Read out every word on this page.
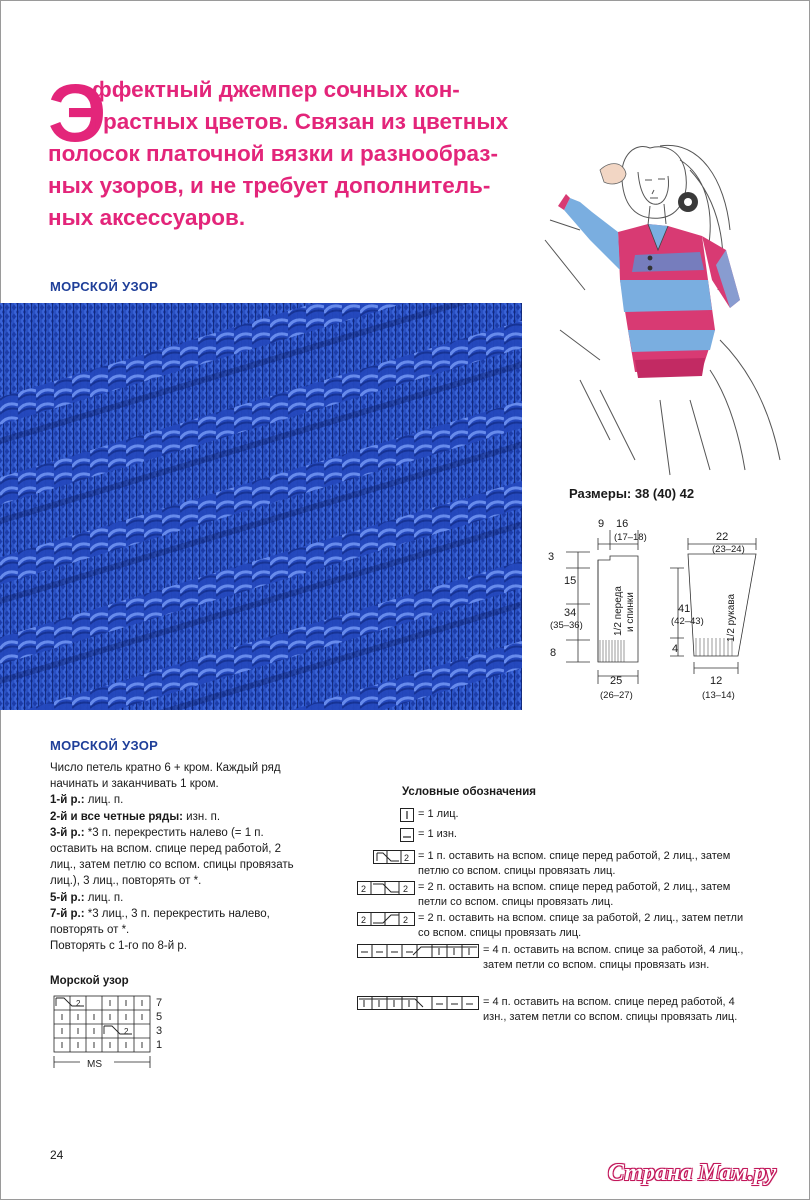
Э
ффектный джемпер сочных кон-
трастных цветов. Связан из цветных
полосок платочной вязки и разнообраз-
ных узоров, и не требует дополнитель-
ных аксессуаров.
МОРСКОЙ УЗОР
Размеры: 38 (40) 42
9 16
(17–18)
3
15
34
(35–36)
8
25
(26–27)
1/2 переда и спинки
22
(23–24)
41
(42–43)
4
12
(13–14)
1/2 рукава
МОРСКОЙ УЗОР

Число петель кратно 6 + кром. Каждый ряд начинать и заканчивать 1 кром.

1-й р.: лиц. п.

2-й и все четные ряды: изн. п.

3-й р.: *3 п. перекрестить налево (= 1 п. оставить на вспом. спице перед работой, 2 лиц., затем петлю со вспом. спицы провязать лиц.), 3 лиц., повторять от *.

5-й р.: лиц. п.

7-й р.: *3 лиц., 3 п. перекрестить налево, повторять от *.

Повторять с 1-го по 8-й р.

Морской узор
2
2
7
5
3
1
MS
Условные обозначения
= 1 лиц.
= 1 изн.
2 = 1 п. оставить на вспом. спице перед работой, 2 лиц., затем петлю со вспом. спицы провязать лиц.
2	2 = 2 п. оставить на вспом. спице перед работой, 2 лиц., затем петли со вспом. спицы провязать лиц.
2	2 = 2 п. оставить на вспом. спице за работой, 2 лиц., затем петли со вспом. спицы провязать лиц.
= 4 п. оставить на вспом. спице за работой, 4 лиц., затем петли со вспом. спицы провязать изн.
= 4 п. оставить на вспом. спице перед работой, 4 изн., затем петли со вспом. спицы провязать лиц.
24
Страна Мам.ру
